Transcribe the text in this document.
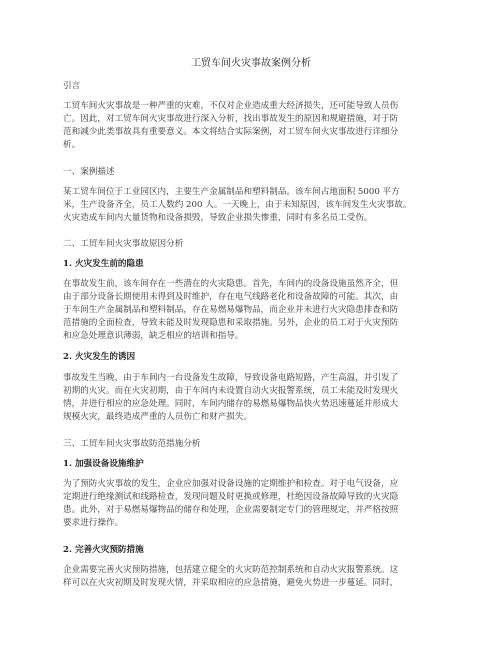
工贸车间火灾事故案例分析
引言
工贸车间火灾事故是一种严重的灾难，不仅对企业造成重大经济损失，还可能导致人员伤
亡。因此，对工贸车间火灾事故进行深入分析，找出事故发生的原因和规避措施，对于防
范和减少此类事故具有重要意义。本文将结合实际案例，对工贸车间火灾事故进行详细分
析。
一、案例描述
某工贸车间位于工业园区内，主要生产金属制品和塑料制品。该车间占地面积 5000 平方
米，生产设备齐全，员工人数约 200 人。一天晚上，由于未知原因，该车间发生火灾事故。
火灾造成车间内大量货物和设备损毁，导致企业损失惨重，同时有多名员工受伤。
二、工贸车间火灾事故原因分析
1. 火灾发生前的隐患
在事故发生前，该车间存在一些潜在的火灾隐患。首先，车间内的设备设施虽然齐全，但
由于部分设备长期使用未得到及时维护，存在电气线路老化和设备故障的可能。其次，由
于车间生产金属制品和塑料制品，存在易燃易爆物品，而企业并未进行火灾隐患排查和防
范措施的全面检查，导致未能及时发现隐患和采取措施。另外，企业的员工对于火灾预防
和应急处理意识薄弱，缺乏相应的培训和指导。
2. 火灾发生的诱因
事故发生当晚，由于车间内一台设备发生故障，导致设备电路短路，产生高温，并引发了
初期的火灾。而在火灾初期，由于车间内未设置自动火灾报警系统，员工未能及时发现火
情，并进行相应的应急处理。同时，车间内储存的易燃易爆物品快火势迅速蔓延并形成大
规模火灾，最终造成严重的人员伤亡和财产损失。
三、工贸车间火灾事故防范措施分析
1. 加强设备设施维护
为了预防火灾事故的发生，企业应加强对设备设施的定期维护和检查。对于电气设备，应
定期进行绝缘测试和线路检查，发现问题及时更换或修理，杜绝因设备故障导致的火灾隐
患。此外，对于易燃易爆物品的储存和处理，企业需要制定专门的管理规定，并严格按照
要求进行操作。
2. 完善火灾预防措施
企业需要完善火灾预防措施，包括建立健全的火灾防范控制系统和自动火灾报警系统。这
样可以在火灾初期及时发现火情，并采取相应的应急措施，避免火势进一步蔓延。同时，
